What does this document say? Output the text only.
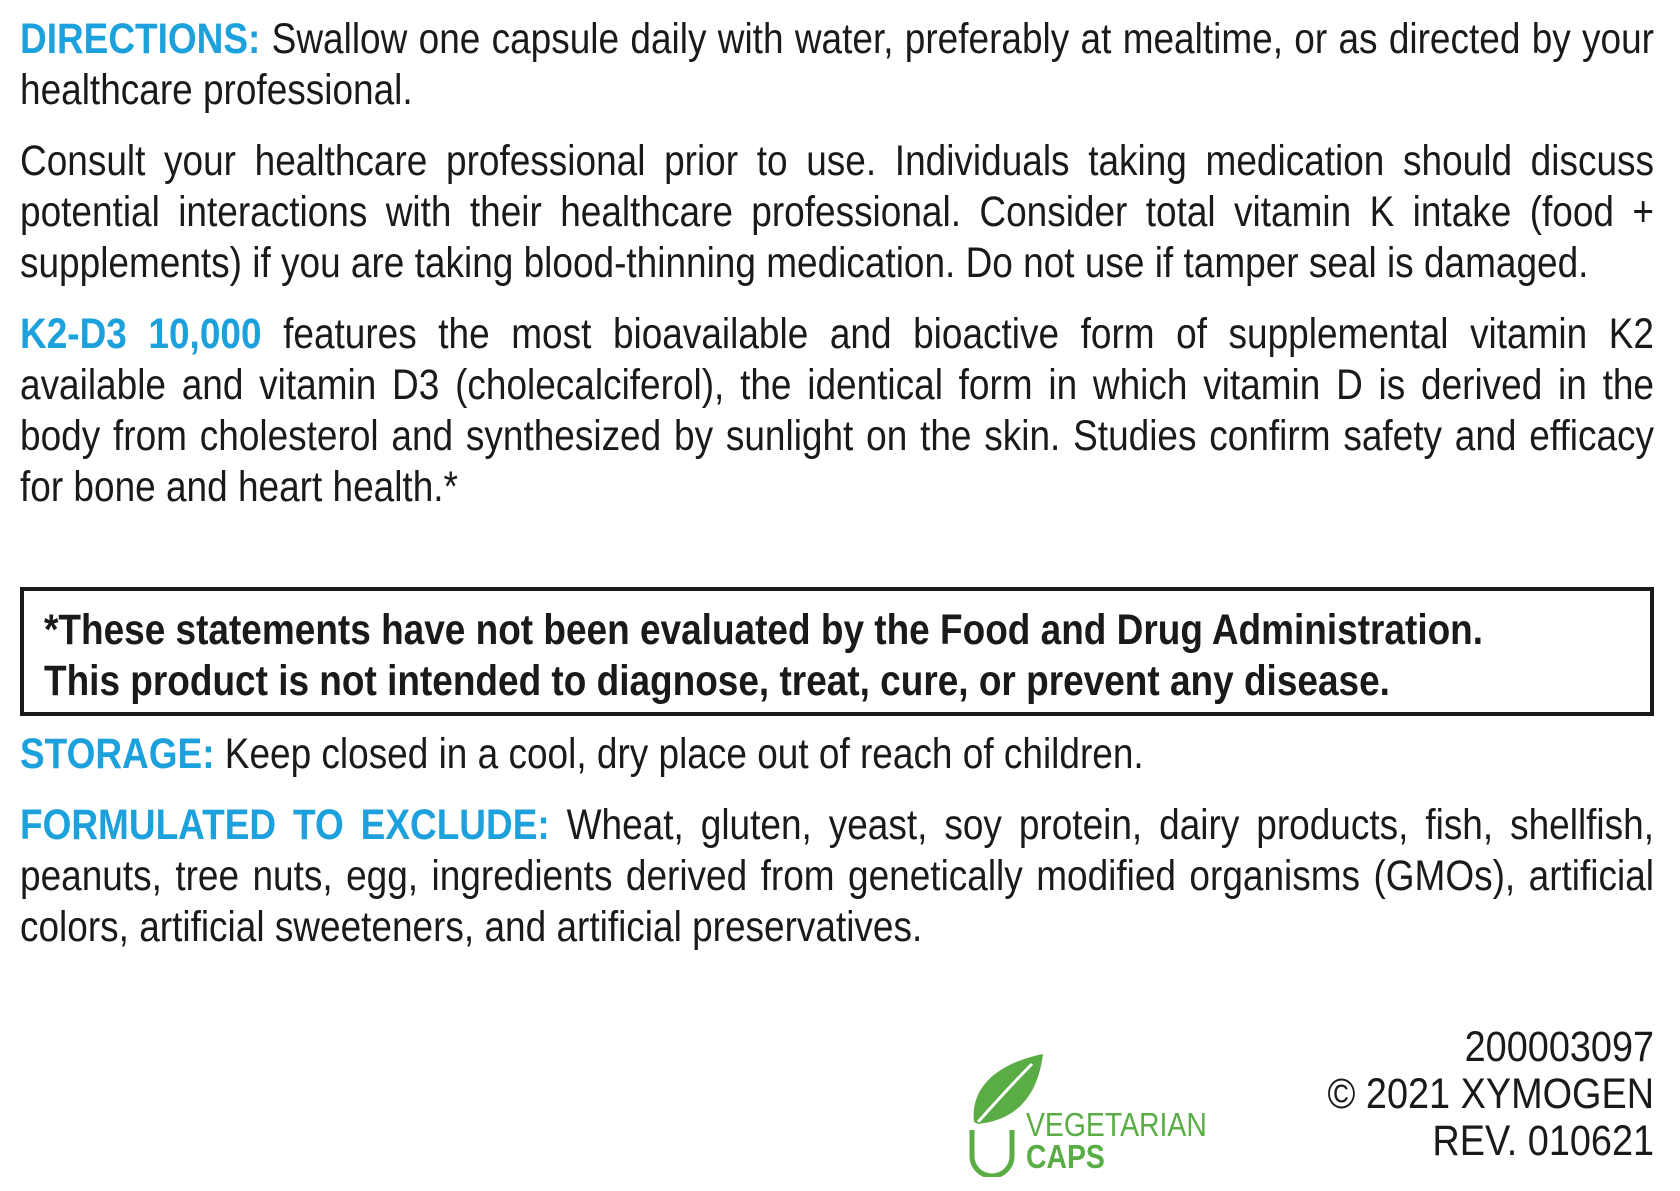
DIRECTIONS: Swallow one capsule daily with water, preferably at mealtime, or as directed by your healthcare professional.

Consult your healthcare professional prior to use. Individuals taking medication should discuss potential interactions with their healthcare professional. Consider total vitamin K intake (food + supplements) if you are taking blood-thinning medication. Do not use if tamper seal is damaged.

K2-D3 10,000 features the most bioavailable and bioactive form of supplemental vitamin K2 available and vitamin D3 (cholecalciferol), the identical form in which vitamin D is derived in the body from cholesterol and synthesized by sunlight on the skin. Studies confirm safety and efficacy for bone and heart health.*

*These statements have not been evaluated by the Food and Drug Administration.
This product is not intended to diagnose, treat, cure, or prevent any disease.

STORAGE: Keep closed in a cool, dry place out of reach of children.

FORMULATED TO EXCLUDE: Wheat, gluten, yeast, soy protein, dairy products, fish, shellfish, peanuts, tree nuts, egg, ingredients derived from genetically modified organisms (GMOs), artificial colors, artificial sweeteners, and artificial preservatives.

VEGETARIAN
CAPS
200003097
© 2021 XYMOGEN
REV. 010621
